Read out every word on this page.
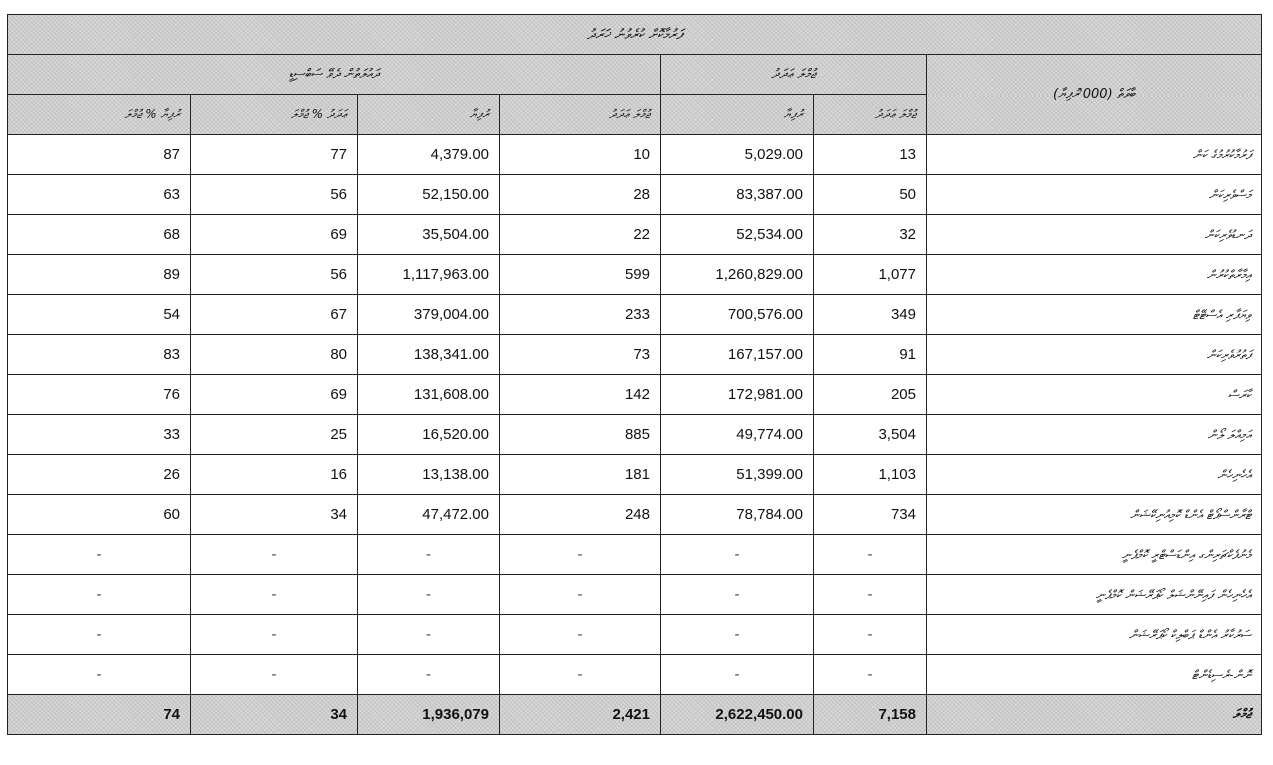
ފަރުމާކޮށް ކުރެވުނު ޚަރަދު						
ދައުލަތުން ދެވޭ ސަބްސިޑީ				ޖުމްލަ ޢަދަދު		ބާވަތް (000'ރުފިޔާ)
ރުފިޔާ % ޖުމްލަ	ޢަދަދު % ޖުމްލަ	ރުފިޔާ	ޖުމްލަ ޢަދަދު	ރުފިޔާ	ޖުމްލަ ޢަދަދު	
87	77	4,379.00	10	5,029.00	13	ފަރުމާކުރުމުގެ ކަން
63	56	52,150.00	28	83,387.00	50	މަސްވެރިކަން
68	69	35,504.00	22	52,534.00	32	ދަނޑުވެރިކަން
89	56	1,117,963.00	599	1,260,829.00	1,077	އިމާރާތްކުރުން
54	67	379,004.00	233	700,576.00	349	ވިޔަފާރި އެސްޓޭޓް
83	80	138,341.00	73	167,157.00	91	ފަތުރުވެރިކަން
76	69	131,608.00	142	172,981.00	205	ކާރަސް
33	25	16,520.00	885	49,774.00	3,504	އަމިއްލަ ލޯން
26	16	13,138.00	181	51,399.00	1,103	އެހެނިހެން
60	34	47,472.00	248	78,784.00	734	ޓްރާންސްޕޯޓް އެންޑް ކޮމިއުނިކޭޝަން
-	-	-	-	-	-	މެނުފެކްޗަރިންގ އިންޑަސްޓްރީ ކޮމްޕެނީ
-	-	-	-	-	-	އެހެނިހެން ފައިނޭންޝަލް ކޯޕަރޭޝަން ކޮމްޕެނީ
-	-	-	-	-	-	ސަރުކާރު އެންޑް ޕަބްލިކް ކޯޕަރޭޝަން
-	-	-	-	-	-	ނޮން-ރެސިޑެންޓް
74	34	1,936,079	2,421	2,622,450.00	7,158	ޖުމްލަ
